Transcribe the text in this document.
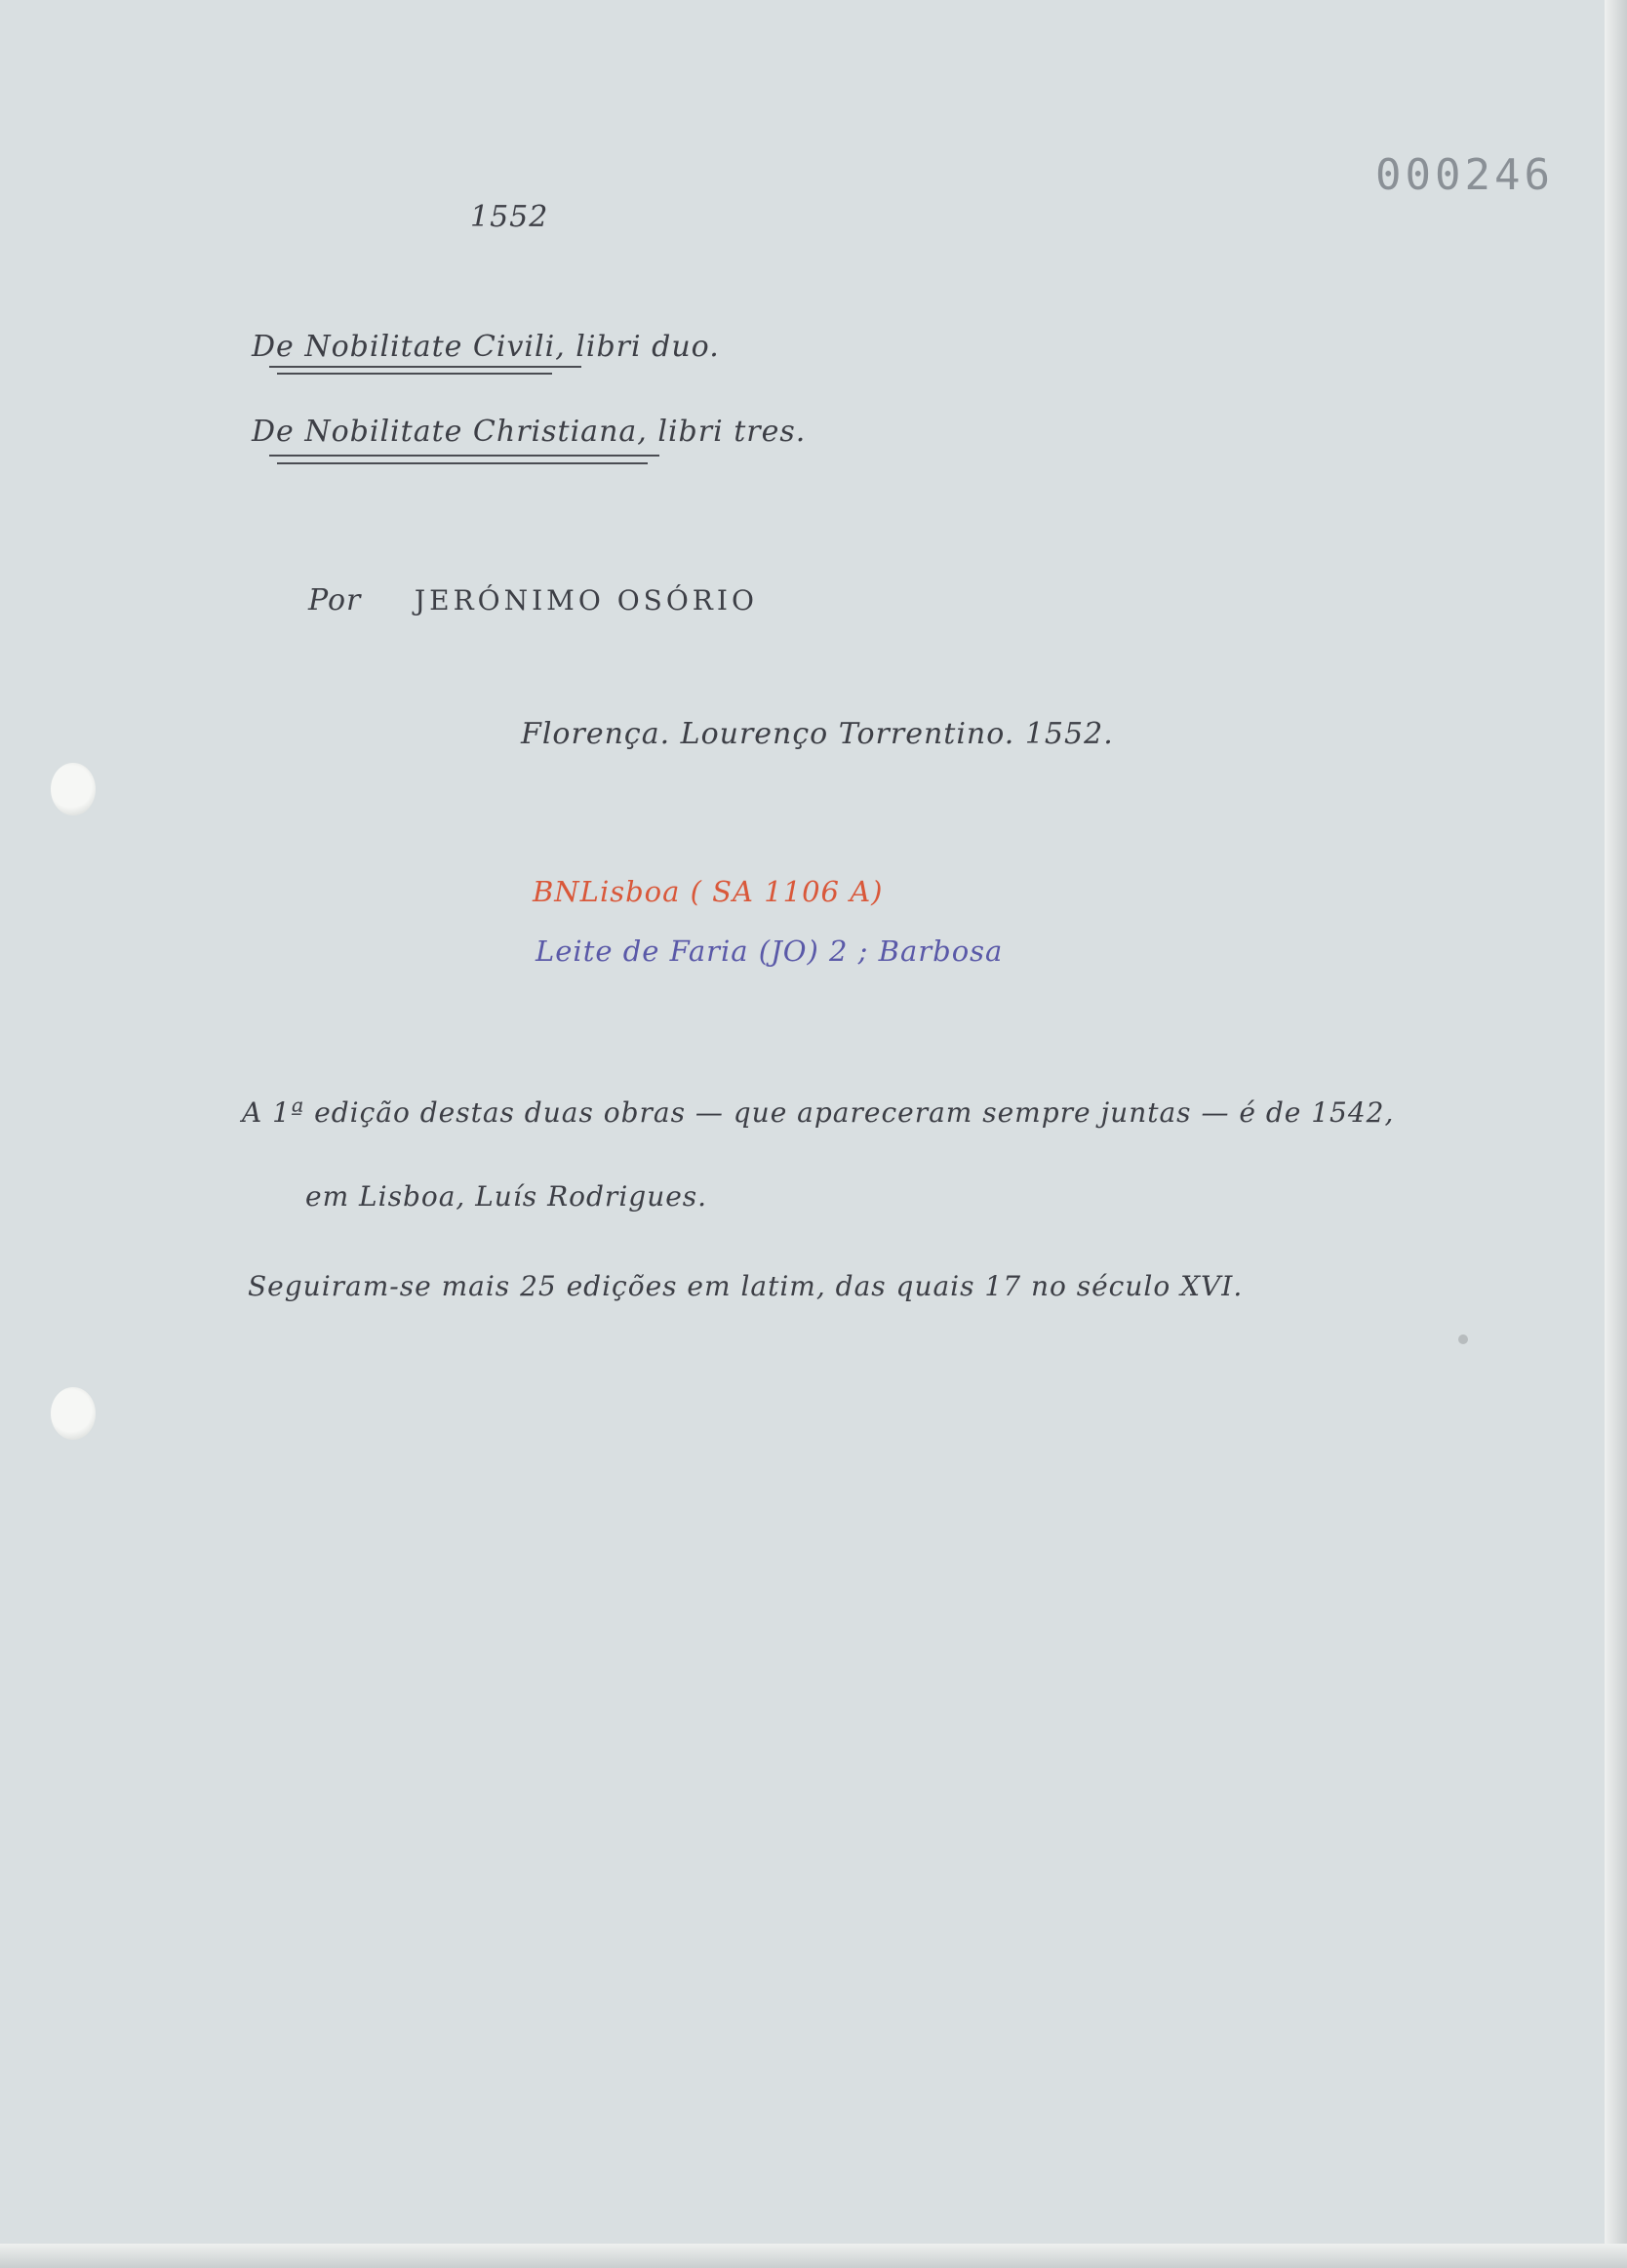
000246
1552
De Nobilitate Civili, libri duo.
De Nobilitate Christiana, libri tres.
Por JERÓNIMO OSÓRIO
Florença. Lourenço Torrentino. 1552.
BNLisboa ( SA 1106 A)
Leite de Faria (JO) 2 ; Barbosa
A 1ª edição destas duas obras — que apareceram sempre juntas — é de 1542,
em Lisboa, Luís Rodrigues.
Seguiram-se mais 25 edições em latim, das quais 17 no século XVI.
